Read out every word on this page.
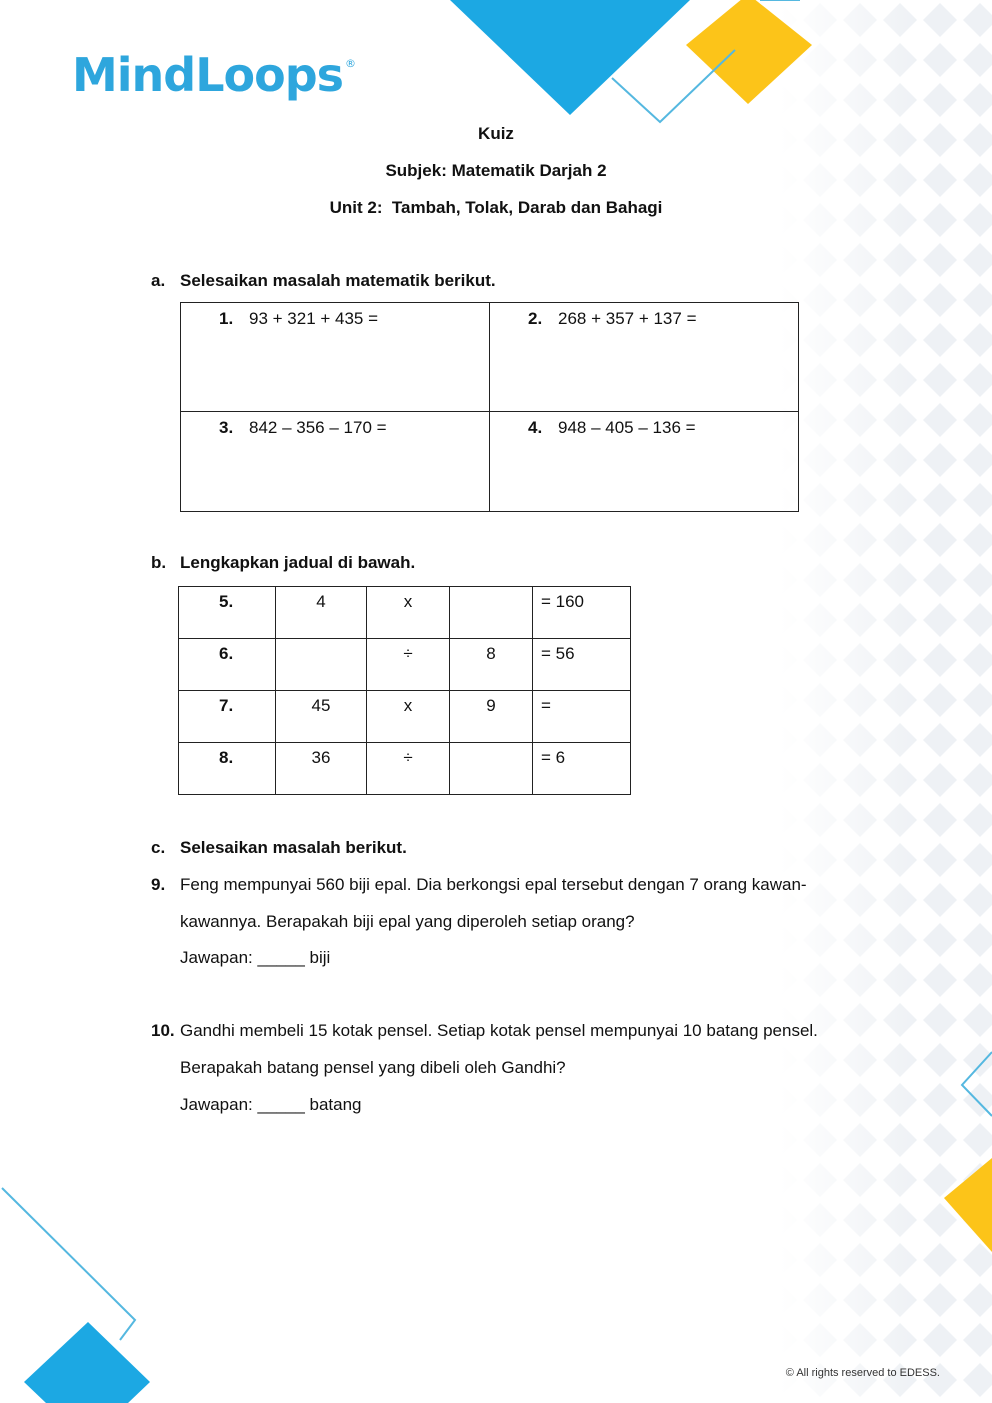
MindLoops ®
Kuiz
Subjek: Matematik Darjah 2
Unit 2:  Tambah, Tolak, Darab dan Bahagi
a. Selesaikan masalah matematik berikut.
1. 93 + 321 + 435 =	2. 268 + 357 + 137 =
3. 842 – 356 – 170 =	4. 948 – 405 – 136 =
b. Lengkapkan jadual di bawah.
5.	4	x		= 160
6.		÷	8	= 56
7.	45	x	9	=
8.	36	÷		= 6
c. Selesaikan masalah berikut.
9. Feng mempunyai 560 biji epal. Dia berkongsi epal tersebut dengan 7 orang kawan-
kawannya. Berapakah biji epal yang diperoleh setiap orang?
Jawapan: _____ biji
10. Gandhi membeli 15 kotak pensel. Setiap kotak pensel mempunyai 10 batang pensel.
Berapakah batang pensel yang dibeli oleh Gandhi?
Jawapan: _____ batang
© All rights reserved to EDESS.
